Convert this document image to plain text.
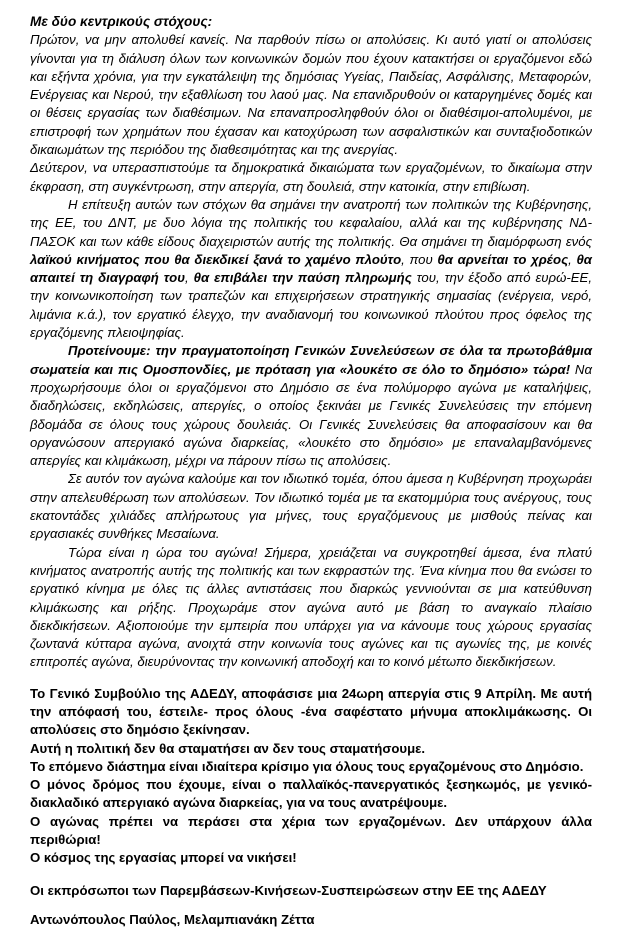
Με δύο κεντρικούς στόχους:

Πρώτον, να μην απολυθεί κανείς. Να παρθούν πίσω οι απολύσεις. Κι αυτό γιατί οι απολύσεις γίνονται για τη διάλυση όλων των κοινωνικών δομών που έχουν κατακτήσει οι εργαζόμενοι εδώ και εξήντα χρόνια, για την εγκατάλειψη της δημόσιας Υγείας, Παιδείας, Ασφάλισης, Μεταφορών, Ενέργειας και Νερού, την εξαθλίωση του λαού μας. Να επανιδρυθούν οι καταργημένες δομές και οι θέσεις εργασίας των διαθέσιμων. Να επαναπροσληφθούν όλοι οι διαθέσιμοι-απολυμένοι, με επιστροφή των χρημάτων που έχασαν και κατοχύρωση των ασφαλιστικών και συνταξιοδοτικών δικαιωμάτων της περιόδου της διαθεσιμότητας και της ανεργίας.

Δεύτερον, να υπερασπιστούμε τα δημοκρατικά δικαιώματα των εργαζομένων, το δικαίωμα στην έκφραση, στη συγκέντρωση, στην απεργία, στη δουλειά, στην κατοικία, στην επιβίωση.

Η επίτευξη αυτών των στόχων θα σημάνει την ανατροπή των πολιτικών της Κυβέρνησης, της ΕΕ, του ΔΝΤ, με δυο λόγια της πολιτικής του κεφαλαίου, αλλά και της κυβέρνησης ΝΔ-ΠΑΣΟΚ και των κάθε είδους διαχειριστών αυτής της πολιτικής. Θα σημάνει τη διαμόρφωση ενός λαϊκού κινήματος που θα διεκδικεί ξανά το χαμένο πλούτο, που θα αρνείται το χρέος, θα απαιτεί τη διαγραφή του, θα επιβάλει την παύση πληρωμής του, την έξοδο από ευρώ-ΕΕ, την κοινωνικοποίηση των τραπεζών και επιχειρήσεων στρατηγικής σημασίας (ενέργεια, νερό, λιμάνια κ.ά.), τον εργατικό έλεγχο, την αναδιανομή του κοινωνικού πλούτου προς όφελος της εργαζόμενης πλειοψηφίας.

Προτείνουμε: την πραγματοποίηση Γενικών Συνελεύσεων σε όλα τα πρωτοβάθμια σωματεία και πις Ομοσπονδίες, με πρόταση για «λουκέτο σε όλο το δημόσιο» τώρα! Να προχωρήσουμε όλοι οι εργαζόμενοι στο Δημόσιο σε ένα πολύμορφο αγώνα με καταλήψεις, διαδηλώσεις, εκδηλώσεις, απεργίες, ο οποίος ξεκινάει με Γενικές Συνελεύσεις την επόμενη βδομάδα σε όλους τους χώρους δουλειάς. Οι Γενικές Συνελεύσεις θα αποφασίσουν και θα οργανώσουν απεργιακό αγώνα διαρκείας, «λουκέτο στο δημόσιο» με επαναλαμβανόμενες απεργίες και κλιμάκωση, μέχρι να πάρουν πίσω τις απολύσεις.

Σε αυτόν τον αγώνα καλούμε και τον ιδιωτικό τομέα, όπου άμεσα η Κυβέρνηση προχωράει στην απελευθέρωση των απολύσεων. Τον ιδιωτικό τομέα με τα εκατομμύρια τους ανέργους, τους εκατοντάδες χιλιάδες απλήρωτους για μήνες, τους εργαζόμενους με μισθούς πείνας και εργασιακές συνθήκες Μεσαίωνα.

Τώρα είναι η ώρα του αγώνα! Σήμερα, χρειάζεται να συγκροτηθεί άμεσα, ένα πλατύ κινήματος ανατροπής αυτής της πολιτικής και των εκφραστών της. Ένα κίνημα που θα ενώσει το εργατικό κίνημα με όλες τις άλλες αντιστάσεις που διαρκώς γεννιούνται σε μια κατεύθυνση κλιμάκωσης και ρήξης. Προχωράμε στον αγώνα αυτό με βάση το αναγκαίο πλαίσιο διεκδικήσεων. Αξιοποιούμε την εμπειρία που υπάρχει για να κάνουμε τους χώρους εργασίας ζωντανά κύτταρα αγώνα, ανοιχτά στην κοινωνία τους αγώνες και τις αγωνίες της, με κοινές επιτροπές αγώνα, διευρύνοντας την κοινωνική αποδοχή και το κοινό μέτωπο διεκδικήσεων.

Το Γενικό Συμβούλιο της ΑΔΕΔΥ, αποφάσισε μια 24ωρη απεργία στις 9 Απρίλη. Με αυτή την απόφασή του, έστειλε- προς όλους -ένα σαφέστατο μήνυμα αποκλιμάκωσης. Οι απολύσεις στο δημόσιο ξεκίνησαν.

Αυτή η πολιτική δεν θα σταματήσει αν δεν τους σταματήσουμε.

Το επόμενο διάστημα είναι ιδιαίτερα κρίσιμο για όλους τους εργαζομένους στο Δημόσιο.

Ο μόνος δρόμος που έχουμε, είναι ο παλλαϊκός-πανεργατικός ξεσηκωμός, με γενικό-διακλαδικό απεργιακό αγώνα διαρκείας, για να τους ανατρέψουμε.

Ο αγώνας πρέπει να περάσει στα χέρια των εργαζομένων. Δεν υπάρχουν άλλα περιθώρια!

Ο κόσμος της εργασίας μπορεί να νικήσει!

Οι εκπρόσωποι των Παρεμβάσεων-Κινήσεων-Συσπειρώσεων στην ΕΕ της ΑΔΕΔΥ

Αντωνόπουλος Παύλος, Μελαμπιανάκη Ζέττα
